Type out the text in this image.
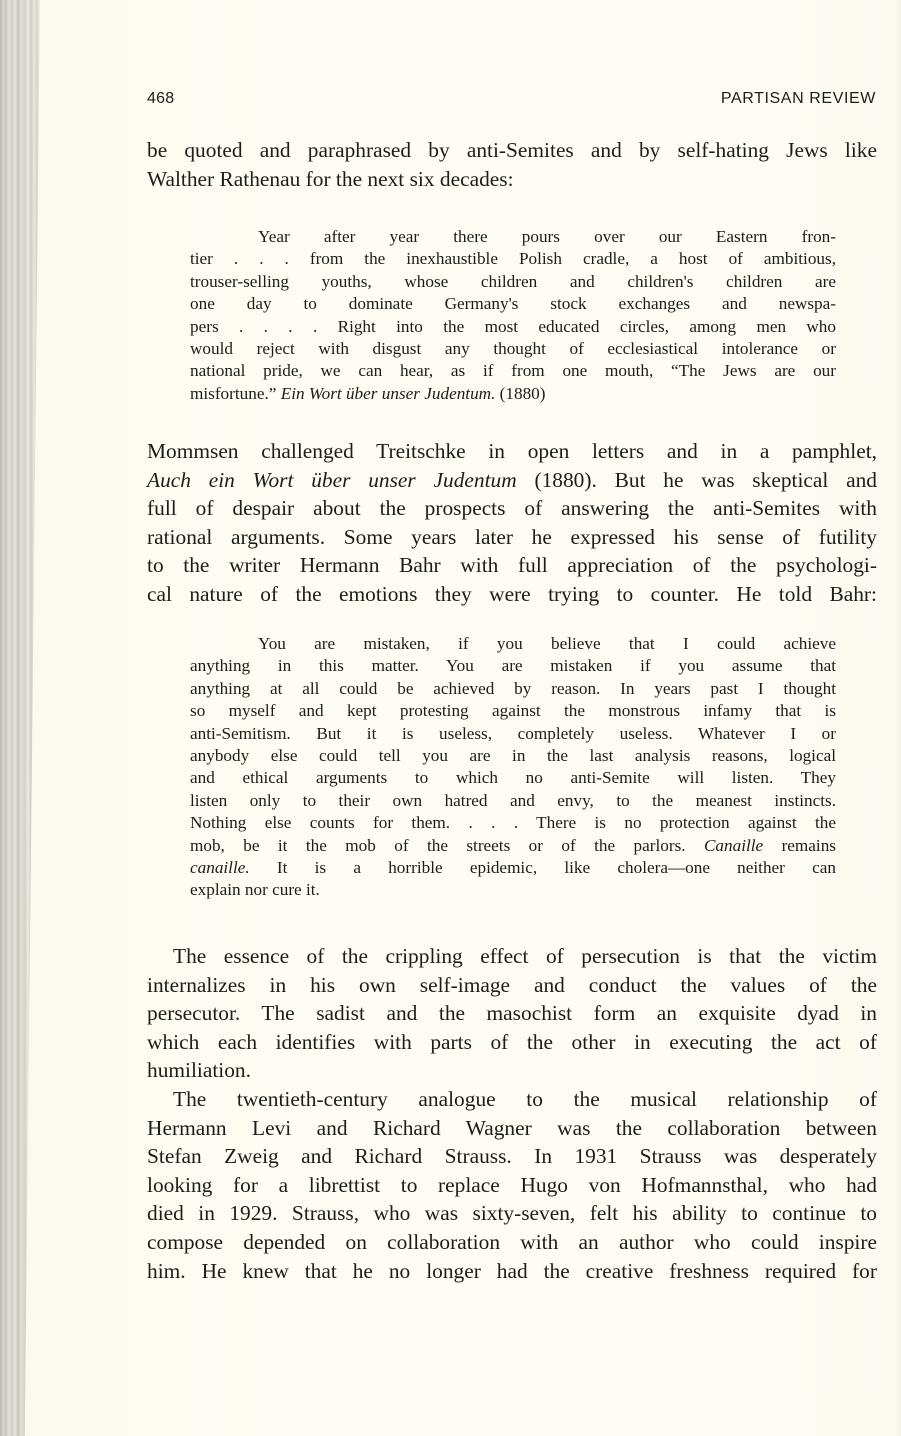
468	PARTISAN REVIEW
be quoted and paraphrased by anti-Semites and by self-hating Jews like
Walther Rathenau for the next six decades:
Year after year there pours over our Eastern fron-
tier . . . from the inexhaustible Polish cradle, a host of ambitious,
trouser-selling youths, whose children and children's children are
one day to dominate Germany's stock exchanges and newspa-
pers . . . . Right into the most educated circles, among men who
would reject with disgust any thought of ecclesiastical intolerance or
national pride, we can hear, as if from one mouth, “The Jews are our
misfortune.” Ein Wort über unser Judentum. (1880)
Mommsen challenged Treitschke in open letters and in a pamphlet,
Auch ein Wort über unser Judentum (1880). But he was skeptical and
full of despair about the prospects of answering the anti-Semites with
rational arguments. Some years later he expressed his sense of futility
to the writer Hermann Bahr with full appreciation of the psychologi-
cal nature of the emotions they were trying to counter. He told Bahr:
You are mistaken, if you believe that I could achieve
anything in this matter. You are mistaken if you assume that
anything at all could be achieved by reason. In years past I thought
so myself and kept protesting against the monstrous infamy that is
anti-Semitism. But it is useless, completely useless. Whatever I or
anybody else could tell you are in the last analysis reasons, logical
and ethical arguments to which no anti-Semite will listen. They
listen only to their own hatred and envy, to the meanest instincts.
Nothing else counts for them. . . . There is no protection against the
mob, be it the mob of the streets or of the parlors. Canaille remains
canaille. It is a horrible epidemic, like cholera—one neither can
explain nor cure it.
The essence of the crippling effect of persecution is that the victim
internalizes in his own self-image and conduct the values of the
persecutor. The sadist and the masochist form an exquisite dyad in
which each identifies with parts of the other in executing the act of
humiliation.
The twentieth-century analogue to the musical relationship of
Hermann Levi and Richard Wagner was the collaboration between
Stefan Zweig and Richard Strauss. In 1931 Strauss was desperately
looking for a librettist to replace Hugo von Hofmannsthal, who had
died in 1929. Strauss, who was sixty-seven, felt his ability to continue to
compose depended on collaboration with an author who could inspire
him. He knew that he no longer had the creative freshness required for
